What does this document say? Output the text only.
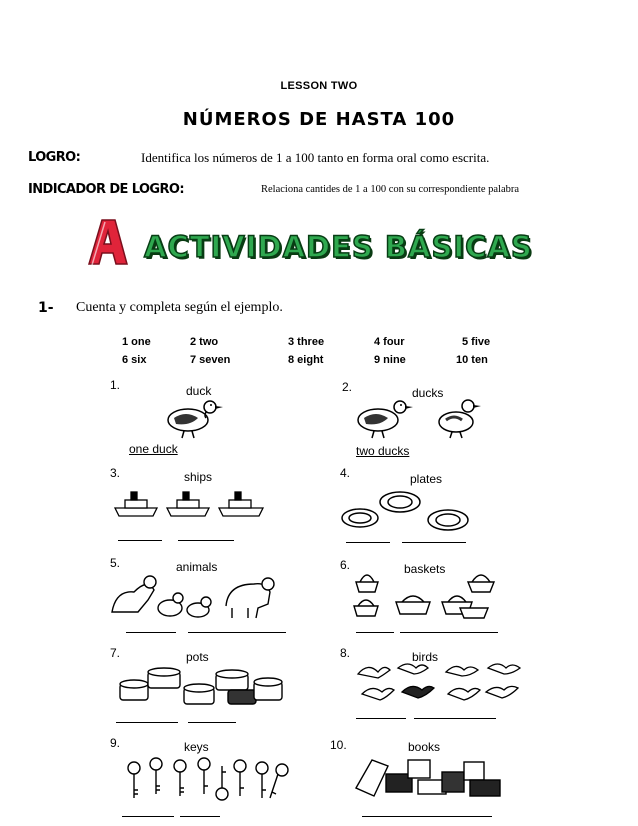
LESSON TWO
NÚMEROS DE HASTA 100
LOGRO:	Identifica los números de 1 a 100 tanto en forma oral como escrita.
INDICADOR DE LOGRO:	Relaciona cantides de 1 a 100 con su correspondiente palabra
ACTIVIDADES BÁSICAS
1- Cuenta y completa según el ejemplo.
1 one	2 two	3 three	4 four	5 five
6 six	7 seven	8 eight	9 nine	10 ten
1.	duck
one duck
2.	ducks
two ducks
3.	ships	4.	plates
5.	animals	6.	baskets
7.	pots	8.	birds
9.	keys	10.	books
